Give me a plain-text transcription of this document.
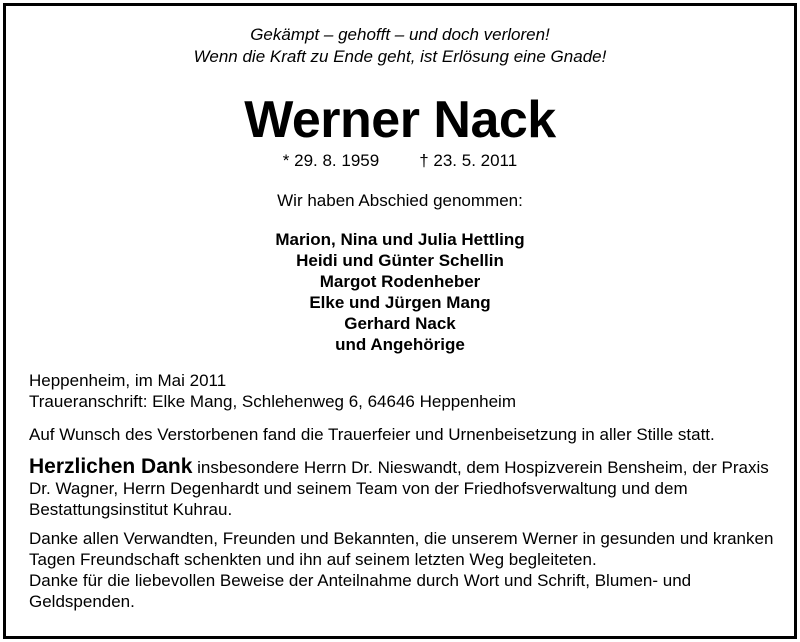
Gekämpt – gehofft – und doch verloren!
Wenn die Kraft zu Ende geht, ist Erlösung eine Gnade!
Werner Nack
* 29. 8. 1959 † 23. 5. 2011
Wir haben Abschied genommen:
Marion, Nina und Julia Hettling
Heidi und Günter Schellin
Margot Rodenheber
Elke und Jürgen Mang
Gerhard Nack
und Angehörige

Heppenheim, im Mai 2011

Traueranschrift: Elke Mang, Schlehenweg 6, 64646 Heppenheim

Auf Wunsch des Verstorbenen fand die Trauerfeier und Urnenbeisetzung in aller Stille statt.

Herzlichen Dank insbesondere Herrn Dr. Nieswandt, dem Hospizverein Bensheim, der Praxis Dr. Wagner, Herrn Degenhardt und seinem Team von der Friedhofsverwaltung und dem Bestattungsinstitut Kuhrau.

Danke allen Verwandten, Freunden und Bekannten, die unserem Werner in gesunden und kranken Tagen Freundschaft schenkten und ihn auf seinem letzten Weg begleiteten.

Danke für die liebevollen Beweise der Anteilnahme durch Wort und Schrift, Blumen- und Geldspenden.
